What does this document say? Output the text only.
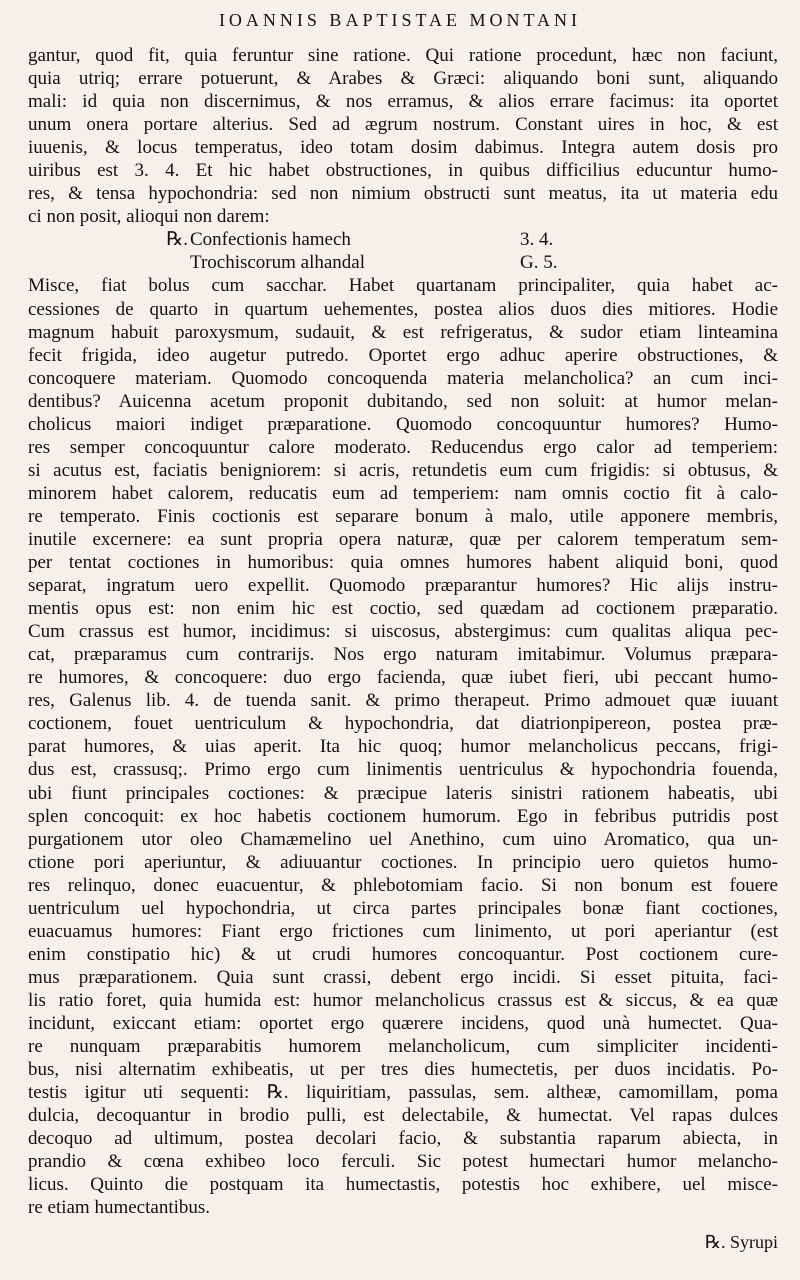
IOANNIS BAPTISTAE MONTANI
gantur, quod fit, quia feruntur sine ratione. Qui ratione procedunt, hæc non faciunt,
quia utriq; errare potuerunt, & Arabes & Græci: aliquando boni sunt, aliquando
mali: id quia non discernimus, & nos erramus, & alios errare facimus: ita oportet
unum onera portare alterius. Sed ad ægrum nostrum. Constant uires in hoc, & est
iuuenis, & locus temperatus, ideo totam dosim dabimus. Integra autem dosis pro
uiribus est 3. 4. Et hic habet obstructiones, in quibus difficilius educuntur humo-
res, & tensa hypochondria: sed non nimium obstructi sunt meatus, ita ut materia edu
ci non posit, alioqui non darem:
℞. Confectionis hamech	3. 4.
Trochiscorum alhandal	G. 5.
Misce, fiat bolus cum sacchar. Habet quartanam principaliter, quia habet ac-
cessiones de quarto in quartum uehementes, postea alios duos dies mitiores. Hodie
magnum habuit paroxysmum, sudauit, & est refrigeratus, & sudor etiam linteamina
fecit frigida, ideo augetur putredo. Oportet ergo adhuc aperire obstructiones, &
concoquere materiam. Quomodo concoquenda materia melancholica? an cum inci-
dentibus? Auicenna acetum proponit dubitando, sed non soluit: at humor melan-
cholicus maiori indiget præparatione. Quomodo concoquuntur humores? Humo-
res semper concoquuntur calore moderato. Reducendus ergo calor ad temperiem:
si acutus est, faciatis benigniorem: si acris, retundetis eum cum frigidis: si obtusus, &
minorem habet calorem, reducatis eum ad temperiem: nam omnis coctio fit à calo-
re temperato. Finis coctionis est separare bonum à malo, utile apponere membris,
inutile excernere: ea sunt propria opera naturæ, quæ per calorem temperatum sem-
per tentat coctiones in humoribus: quia omnes humores habent aliquid boni, quod
separat, ingratum uero expellit. Quomodo præparantur humores? Hic alijs instru-
mentis opus est: non enim hic est coctio, sed quædam ad coctionem præparatio.
Cum crassus est humor, incidimus: si uiscosus, abstergimus: cum qualitas aliqua pec-
cat, præparamus cum contrarijs. Nos ergo naturam imitabimur. Volumus præpara-
re humores, & concoquere: duo ergo facienda, quæ iubet fieri, ubi peccant humo-
res, Galenus lib. 4. de tuenda sanit. & primo therapeut. Primo admouet quæ iuuant
coctionem, fouet uentriculum & hypochondria, dat diatrionpipereon, postea præ-
parat humores, & uias aperit. Ita hic quoq; humor melancholicus peccans, frigi-
dus est, crassusq;. Primo ergo cum linimentis uentriculus & hypochondria fouenda,
ubi fiunt principales coctiones: & præcipue lateris sinistri rationem habeatis, ubi
splen concoquit: ex hoc habetis coctionem humorum. Ego in febribus putridis post
purgationem utor oleo Chamæmelino uel Anethino, cum uino Aromatico, qua un-
ctione pori aperiuntur, & adiuuantur coctiones. In principio uero quietos humo-
res relinquo, donec euacuentur, & phlebotomiam facio. Si non bonum est fouere
uentriculum uel hypochondria, ut circa partes principales bonæ fiant coctiones,
euacuamus humores: Fiant ergo frictiones cum linimento, ut pori aperiantur (est
enim constipatio hic) & ut crudi humores concoquantur. Post coctionem cure-
mus præparationem. Quia sunt crassi, debent ergo incidi. Si esset pituita, faci-
lis ratio foret, quia humida est: humor melancholicus crassus est & siccus, & ea quæ
incidunt, exiccant etiam: oportet ergo quærere incidens, quod unà humectet. Qua-
re nunquam præparabitis humorem melancholicum, cum simpliciter incidenti-
bus, nisi alternatim exhibeatis, ut per tres dies humectetis, per duos incidatis. Po-
testis igitur uti sequenti: ℞. liquiritiam, passulas, sem. altheæ, camomillam, poma
dulcia, decoquantur in brodio pulli, est delectabile, & humectat. Vel rapas dulces
decoquo ad ultimum, postea decolari facio, & substantia raparum abiecta, in
prandio & cœna exhibeo loco ferculi. Sic potest humectari humor melancho-
licus. Quinto die postquam ita humectastis, potestis hoc exhibere, uel misce-
re etiam humectantibus.
℞. Syrupi
